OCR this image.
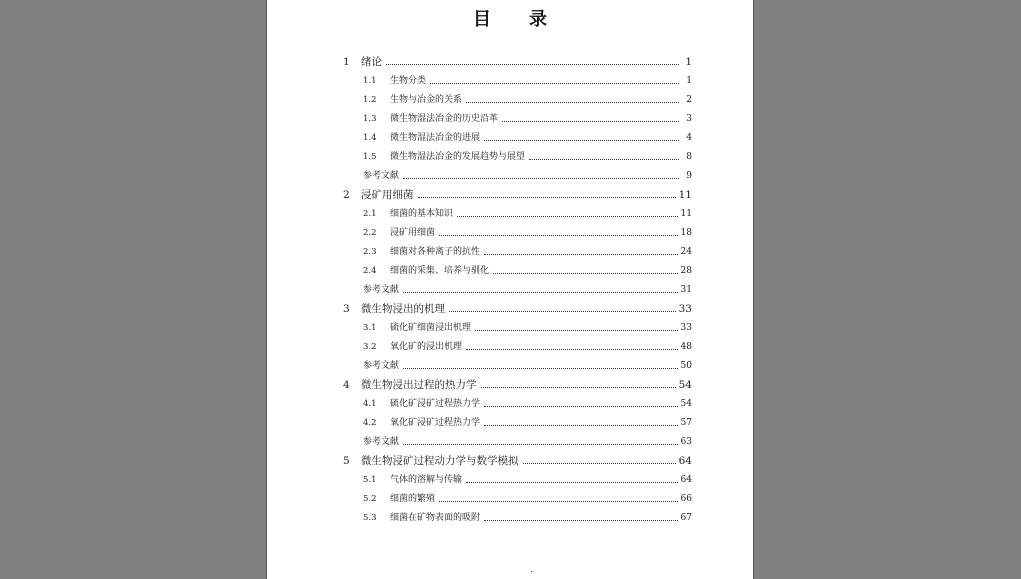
目 录
1	绪论	1
1.1	生物分类	1
1.2	生物与冶金的关系	2
1.3	微生物湿法冶金的历史沿革	3
1.4	微生物湿法冶金的进展	4
1.5	微生物湿法冶金的发展趋势与展望	8
参考文献	9
2	浸矿用细菌	11
2.1	细菌的基本知识	11
2.2	浸矿用细菌	18
2.3	细菌对各种离子的抗性	24
2.4	细菌的采集、培养与驯化	28
参考文献	31
3	微生物浸出的机理	33
3.1	硫化矿细菌浸出机理	33
3.2	氧化矿的浸出机理	48
参考文献	50
4	微生物浸出过程的热力学	54
4.1	硫化矿浸矿过程热力学	54
4.2	氧化矿浸矿过程热力学	57
参考文献	63
5	微生物浸矿过程动力学与数学模拟	64
5.1	气体的溶解与传输	64
5.2	细菌的繁殖	66
5.3	细菌在矿物表面的吸附	67
